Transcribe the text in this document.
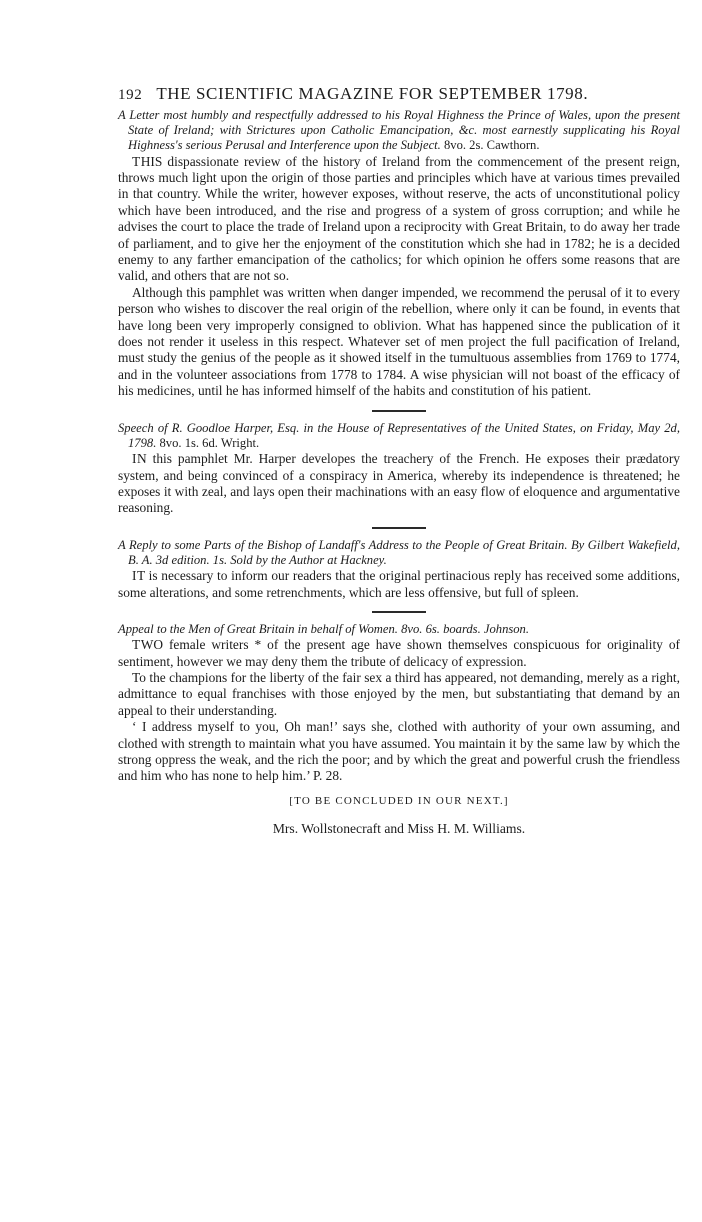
192 THE SCIENTIFIC MAGAZINE FOR SEPTEMBER 1798.

A Letter most humbly and respectfully addressed to his Royal Highness the Prince of Wales, upon the present State of Ireland; with Strictures upon Catholic Emancipation, &c. most earnestly supplicating his Royal Highness's serious Perusal and Interference upon the Subject. 8vo. 2s. Cawthorn.

THIS dispassionate review of the history of Ireland from the commencement of the present reign, throws much light upon the origin of those parties and principles which have at various times prevailed in that country. While the writer, however exposes, without reserve, the acts of unconstitutional policy which have been introduced, and the rise and progress of a system of gross corruption; and while he advises the court to place the trade of Ireland upon a reciprocity with Great Britain, to do away her trade of parliament, and to give her the enjoyment of the constitution which she had in 1782; he is a decided enemy to any farther emancipation of the catholics; for which opinion he offers some reasons that are valid, and others that are not so.

Although this pamphlet was written when danger impended, we recommend the perusal of it to every person who wishes to discover the real origin of the rebellion, where only it can be found, in events that have long been very improperly consigned to oblivion. What has happened since the publication of it does not render it useless in this respect. Whatever set of men project the full pacification of Ireland, must study the genius of the people as it showed itself in the tumultuous assemblies from 1769 to 1774, and in the volunteer associations from 1778 to 1784. A wise physician will not boast of the efficacy of his medicines, until he has informed himself of the habits and constitution of his patient.

Speech of R. Goodloe Harper, Esq. in the House of Representatives of the United States, on Friday, May 2d, 1798. 8vo. 1s. 6d. Wright.

IN this pamphlet Mr. Harper developes the treachery of the French. He exposes their prædatory system, and being convinced of a conspiracy in America, whereby its independence is threatened; he exposes it with zeal, and lays open their machinations with an easy flow of eloquence and argumentative reasoning.

A Reply to some Parts of the Bishop of Landaff's Address to the People of Great Britain. By Gilbert Wakefield, B. A. 3d edition. 1s. Sold by the Author at Hackney.

IT is necessary to inform our readers that the original pertinacious reply has received some additions, some alterations, and some retrenchments, which are less offensive, but full of spleen.

Appeal to the Men of Great Britain in behalf of Women. 8vo. 6s. boards. Johnson.

TWO female writers * of the present age have shown themselves conspicuous for originality of sentiment, however we may deny them the tribute of delicacy of expression.

To the champions for the liberty of the fair sex a third has appeared, not demanding, merely as a right, admittance to equal franchises with those enjoyed by the men, but substantiating that demand by an appeal to their understanding.

‘ I address myself to you, Oh man!’ says she, clothed with authority of your own assuming, and clothed with strength to maintain what you have assumed. You maintain it by the same law by which the strong oppress the weak, and the rich the poor; and by which the great and powerful crush the friendless and him who has none to help him.’ P. 28.

[TO BE CONCLUDED IN OUR NEXT.]

Mrs. Wollstonecraft and Miss H. M. Williams.
